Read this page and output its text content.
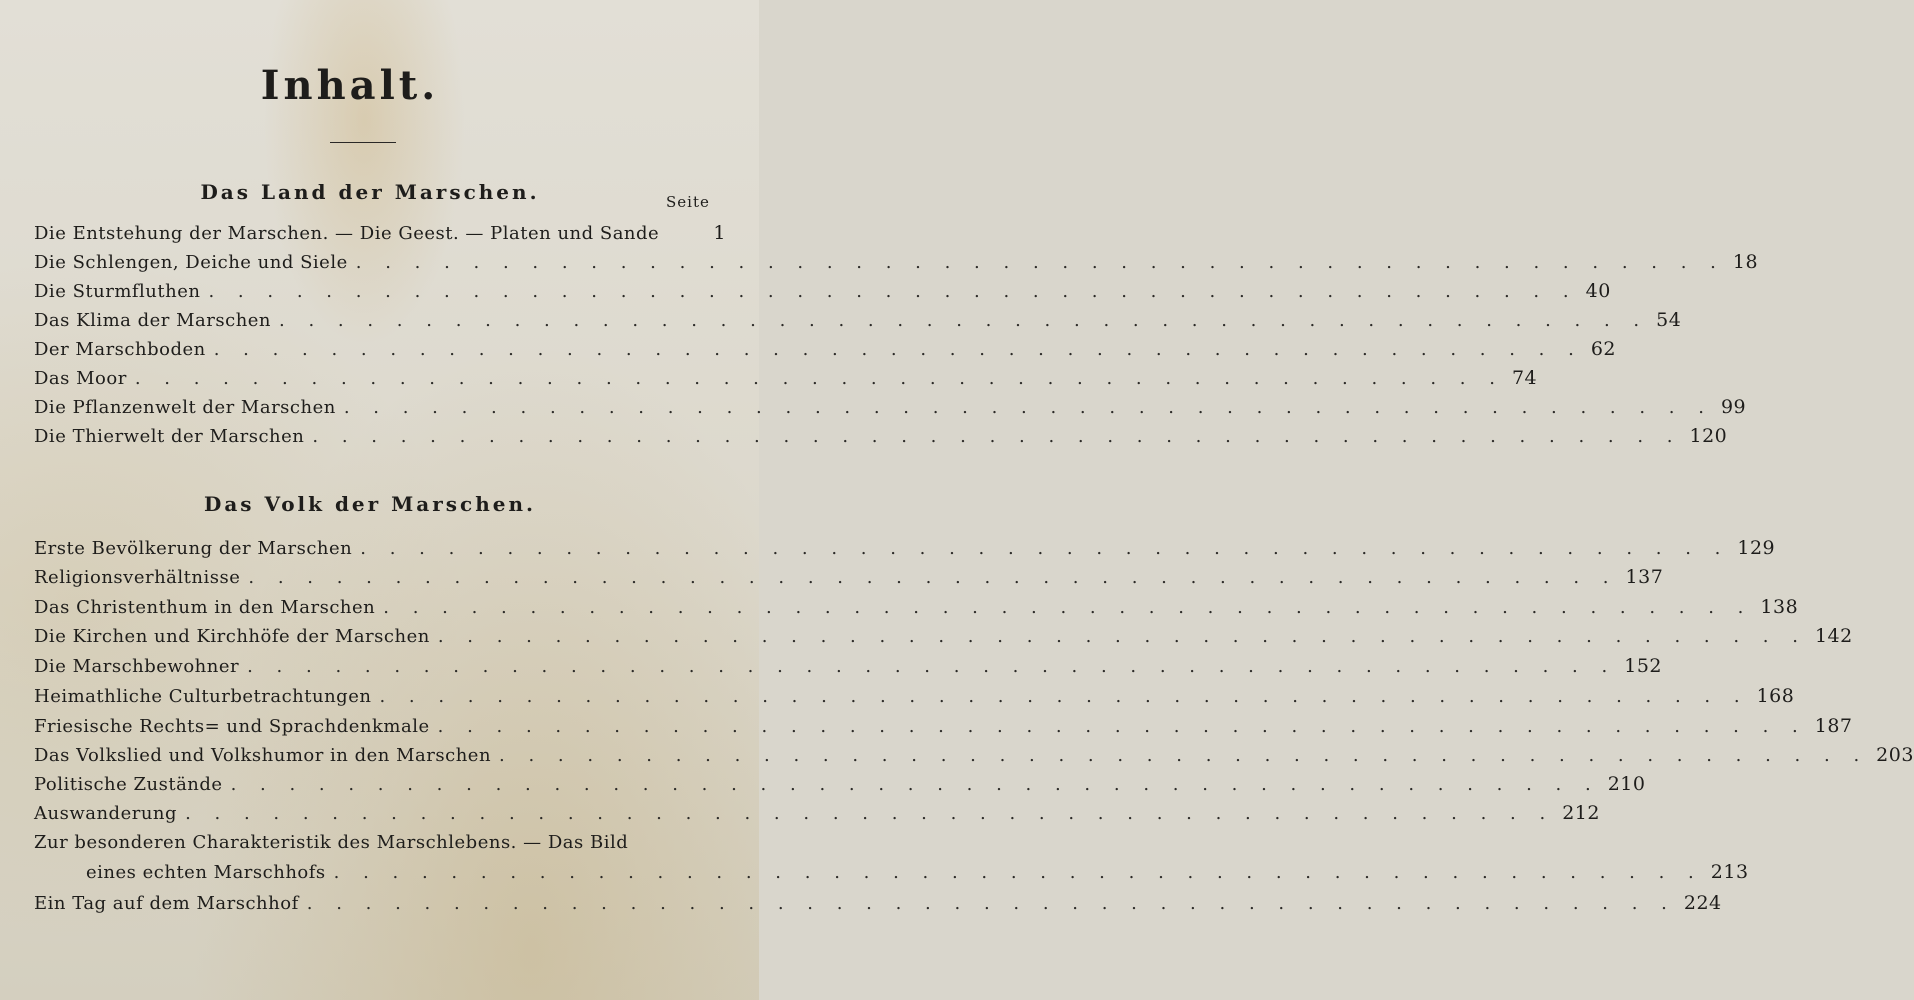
Inhalt.
Das Land der Marschen.	Seite
Die Entstehung der Marschen. — Die Geest. — Platen und Sande	1
Die Schlengen, Deiche und Siele . . . . . . . . . . . . . . . . . . . . . . . . . . . . . . . . . . . . . . . . . . . . . . . 18
Die Sturmfluthen . . . . . . . . . . . . . . . . . . . . . . . . . . . . . . . . . . . . . . . . . . . . . . . 40
Das Klima der Marschen . . . . . . . . . . . . . . . . . . . . . . . . . . . . . . . . . . . . . . . . . . . . . . . 54
Der Marschboden . . . . . . . . . . . . . . . . . . . . . . . . . . . . . . . . . . . . . . . . . . . . . . . 62
Das Moor . . . . . . . . . . . . . . . . . . . . . . . . . . . . . . . . . . . . . . . . . . . . . . . 74
Die Pflanzenwelt der Marschen . . . . . . . . . . . . . . . . . . . . . . . . . . . . . . . . . . . . . . . . . . . . . . . 99
Die Thierwelt der Marschen . . . . . . . . . . . . . . . . . . . . . . . . . . . . . . . . . . . . . . . . . . . . . . . 120
Das Volk der Marschen.
Erste Bevölkerung der Marschen . . . . . . . . . . . . . . . . . . . . . . . . . . . . . . . . . . . . . . . . . . . . . . . 129
Religionsverhältnisse . . . . . . . . . . . . . . . . . . . . . . . . . . . . . . . . . . . . . . . . . . . . . . . 137
Das Christenthum in den Marschen . . . . . . . . . . . . . . . . . . . . . . . . . . . . . . . . . . . . . . . . . . . . . . . 138
Die Kirchen und Kirchhöfe der Marschen . . . . . . . . . . . . . . . . . . . . . . . . . . . . . . . . . . . . . . . . . . . . . . . 142
Die Marschbewohner . . . . . . . . . . . . . . . . . . . . . . . . . . . . . . . . . . . . . . . . . . . . . . . 152
Heimathliche Culturbetrachtungen . . . . . . . . . . . . . . . . . . . . . . . . . . . . . . . . . . . . . . . . . . . . . . . 168
Friesische Rechts= und Sprachdenkmale . . . . . . . . . . . . . . . . . . . . . . . . . . . . . . . . . . . . . . . . . . . . . . . 187
Das Volkslied und Volkshumor in den Marschen . . . . . . . . . . . . . . . . . . . . . . . . . . . . . . . . . . . . . . . . . . . . . . . 203
Politische Zustände . . . . . . . . . . . . . . . . . . . . . . . . . . . . . . . . . . . . . . . . . . . . . . . 210
Auswanderung . . . . . . . . . . . . . . . . . . . . . . . . . . . . . . . . . . . . . . . . . . . . . . . 212
Zur besonderen Charakteristik des Marschlebens. — Das Bild
eines echten Marschhofs . . . . . . . . . . . . . . . . . . . . . . . . . . . . . . . . . . . . . . . . . . . . . . . 213
Ein Tag auf dem Marschhof . . . . . . . . . . . . . . . . . . . . . . . . . . . . . . . . . . . . . . . . . . . . . . . 224
